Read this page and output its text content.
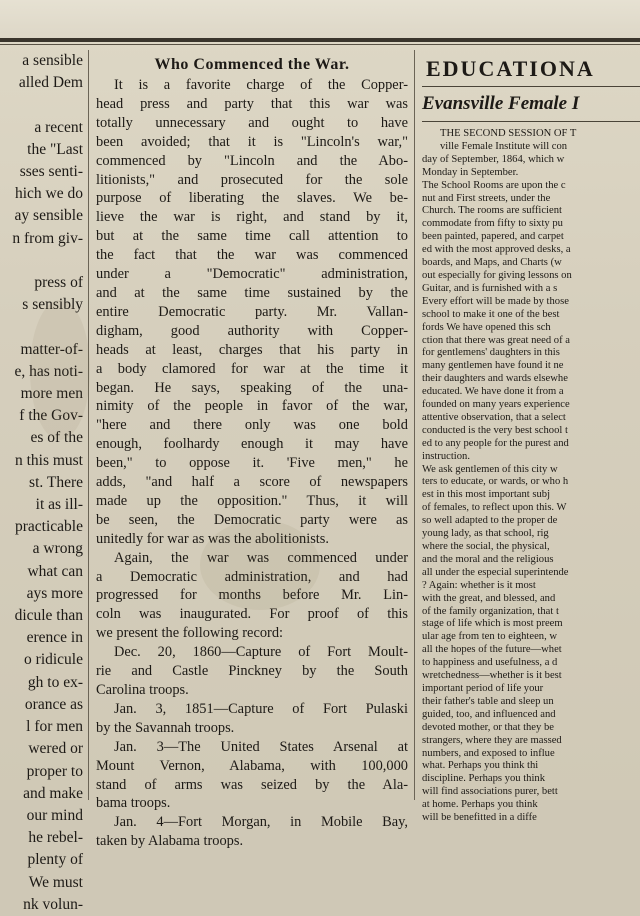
a sensible
alled Dem

a recent
the "Last
sses senti-
hich we do
ay sensible
n from giv-

press of
s sensibly

matter-of-
e, has noti-
more men
f the Gov-
es of the
n this must
st. There
it as ill-
practicable
a wrong
what can
ays more
dicule than
erence in
o ridicule
gh to ex-
orance as
l for men
wered or
proper to
and make
our mind
he rebel-
plenty of
We must
nk volun-
Who Commenced the War.
It is a favorite charge of the Copper-
head press and party that this war was
totally unnecessary and ought to have
been avoided; that it is "Lincoln's war,"
commenced by "Lincoln and the Abo-
litionists," and prosecuted for the sole
purpose of liberating the slaves. We be-
lieve the war is right, and stand by it,
but at the same time call attention to
the fact that the war was commenced
under a "Democratic" administration,
and at the same time sustained by the
entire Democratic party. Mr. Vallan-
digham, good authority with Copper-
heads at least, charges that his party in
a body clamored for war at the time it
began. He says, speaking of the una-
nimity of the people in favor of the war,
"here and there only was one bold
enough, foolhardy enough it may have
been," to oppose it. 'Five men," he
adds, "and half a score of newspapers
made up the opposition." Thus, it will
be seen, the Democratic party were as
unitedly for war as was the abolitionists.
Again, the war was commenced under
a Democratic administration, and had
progressed for months before Mr. Lin-
coln was inaugurated. For proof of this
we present the following record:
Dec. 20, 1860—Capture of Fort Moult-
rie and Castle Pinckney by the South
Carolina troops.
Jan. 3, 1851—Capture of Fort Pulaski
by the Savannah troops.
Jan. 3—The United States Arsenal at
Mount Vernon, Alabama, with 100,000
stand of arms was seized by the Ala-
bama troops.
Jan. 4—Fort Morgan, in Mobile Bay,
taken by Alabama troops.
EDUCATIONA
Evansville Female I
THE SECOND SESSION OF T
ville Female Institute will con
day of September, 1864, which w
Monday in September.
The School Rooms are upon the c
nut and First streets, under the
Church. The rooms are sufficient
commodate from fifty to sixty pu
been painted, papered, and carpet
ed with the most approved desks, a
boards, and Maps, and Charts (w
out especially for giving lessons on
Guitar, and is furnished with a s
Every effort will be made by those
school to make it one of the best
fords We have opened this sch
ction that there was great need of a
for gentlemens' daughters in this
many gentlemen have found it ne
their daughters and wards elsewhe
educated. We have done it from a
founded on many years experience
attentive observation, that a select
conducted is the very best school t
ed to any people for the purest and
instruction.
We ask gentlemen of this city w
ters to educate, or wards, or who h
est in this most important subj
of females, to reflect upon this. W
so well adapted to the proper de
young lady, as that school, rig
where the social, the physical,
and the moral and the religious
all under the especial superintende
? Again: whether is it most
with the great, and blessed, and
of the family organization, that t
stage of life which is most preem
ular age from ten to eighteen, w
all the hopes of the future—whet
to happiness and usefulness, a d
wretchedness—whether is it best
important period of life your
their father's table and sleep un
guided, too, and influenced and
devoted mother, or that they be
strangers, where they are massed
numbers, and exposed to influe
what. Perhaps you think thi
discipline. Perhaps you think
will find associations purer, bett
at home. Perhaps you think
will be benefitted in a diffe
